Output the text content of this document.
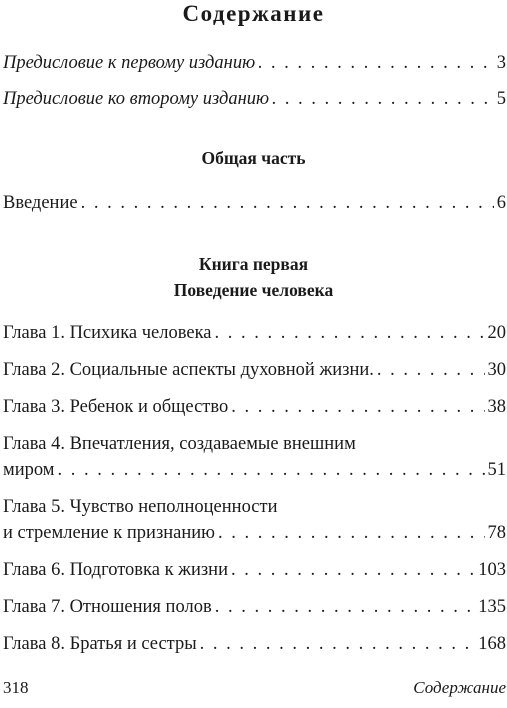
Содержание
Предисловие к первому изданию . . .	3
Предисловие ко второму изданию . . .	5
Общая часть
Введение . . .	6
Книга первая
Поведение человека
Глава 1. Психика человека . . .	20
Глава 2. Социальные аспекты духовной жизни. . . .	30
Глава 3. Ребенок и общество . . .	38
Глава 4. Впечатления, создаваемые внешним
миром . . .	51
Глава 5. Чувство неполноценности
и стремление к признанию . . .	78
Глава 6. Подготовка к жизни . . .	103
Глава 7. Отношения полов . . .	135
Глава 8. Братья и сестры . . .	168
318	Содержание
